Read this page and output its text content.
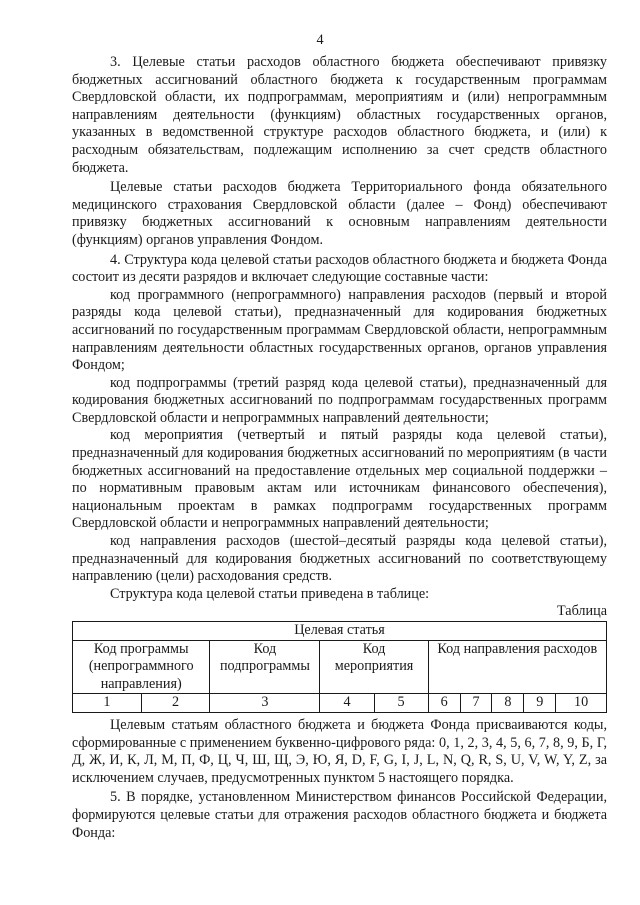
4

3. Целевые статьи расходов областного бюджета обеспечивают привязку бюджетных ассигнований областного бюджета к государственным программам Свердловской области, их подпрограммам, мероприятиям и (или) непрограммным направлениям деятельности (функциям) областных государственных органов, указанных в ведомственной структуре расходов областного бюджета, и (или) к расходным обязательствам, подлежащим исполнению за счет средств областного бюджета.

Целевые статьи расходов бюджета Территориального фонда обязательного медицинского страхования Свердловской области (далее – Фонд) обеспечивают привязку бюджетных ассигнований к основным направлениям деятельности (функциям) органов управления Фондом.

4. Структура кода целевой статьи расходов областного бюджета и бюджета Фонда состоит из десяти разрядов и включает следующие составные части:

код программного (непрограммного) направления расходов (первый и второй разряды кода целевой статьи), предназначенный для кодирования бюджетных ассигнований по государственным программам Свердловской области, непрограммным направлениям деятельности областных государственных органов, органов управления Фондом;

код подпрограммы (третий разряд кода целевой статьи), предназначенный для кодирования бюджетных ассигнований по подпрограммам государственных программ Свердловской области и непрограммных направлений деятельности;

код мероприятия (четвертый и пятый разряды кода целевой статьи), предназначенный для кодирования бюджетных ассигнований по мероприятиям (в части бюджетных ассигнований на предоставление отдельных мер социальной поддержки – по нормативным правовым актам или источникам финансового обеспечения), национальным проектам в рамках подпрограмм государственных программ Свердловской области и непрограммных направлений деятельности;

код направления расходов (шестой–десятый разряды кода целевой статьи), предназначенный для кодирования бюджетных ассигнований по соответствующему направлению (цели) расходования средств.

Структура кода целевой статьи приведена в таблице:

Таблица

Целевая статья									
Код программы (непрограммного направления)		Код подпрограммы	Код мероприятия		Код направления расходов				
1	2	3	4	5	6	7	8	9	10

Целевым статьям областного бюджета и бюджета Фонда присваиваются коды, сформированные с применением буквенно-цифрового ряда: 0, 1, 2, 3, 4, 5, 6, 7, 8, 9, Б, Г, Д, Ж, И, К, Л, М, П, Ф, Ц, Ч, Ш, Щ, Э, Ю, Я, D, F, G, I, J, L, N, Q, R, S, U, V, W, Y, Z, за исключением случаев, предусмотренных пунктом 5 настоящего порядка.

5. В порядке, установленном Министерством финансов Российской Федерации, формируются целевые статьи для отражения расходов областного бюджета и бюджета Фонда:
